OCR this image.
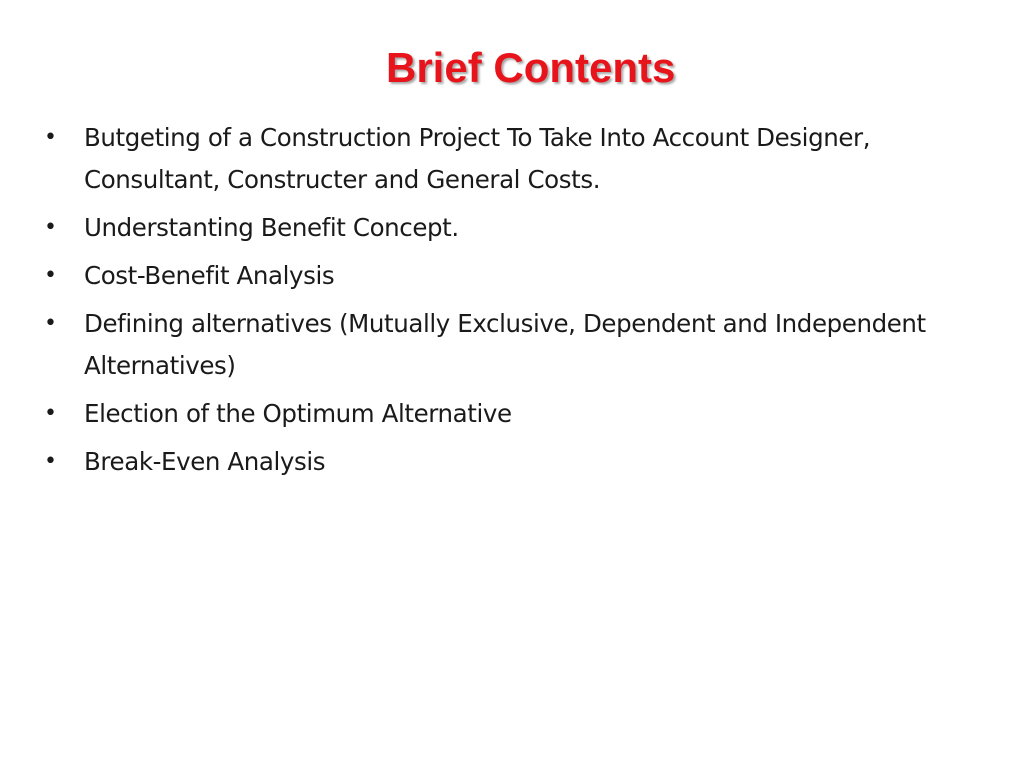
Brief Contents
•	Butgeting of a Construction Project To Take Into Account Designer, Consultant, Constructer and General Costs.
•	Understanting Benefit Concept.
•	Cost-Benefit Analysis
•	Defining alternatives (Mutually Exclusive, Dependent and Independent Alternatives)
•	Election of the Optimum Alternative
•	Break-Even Analysis
